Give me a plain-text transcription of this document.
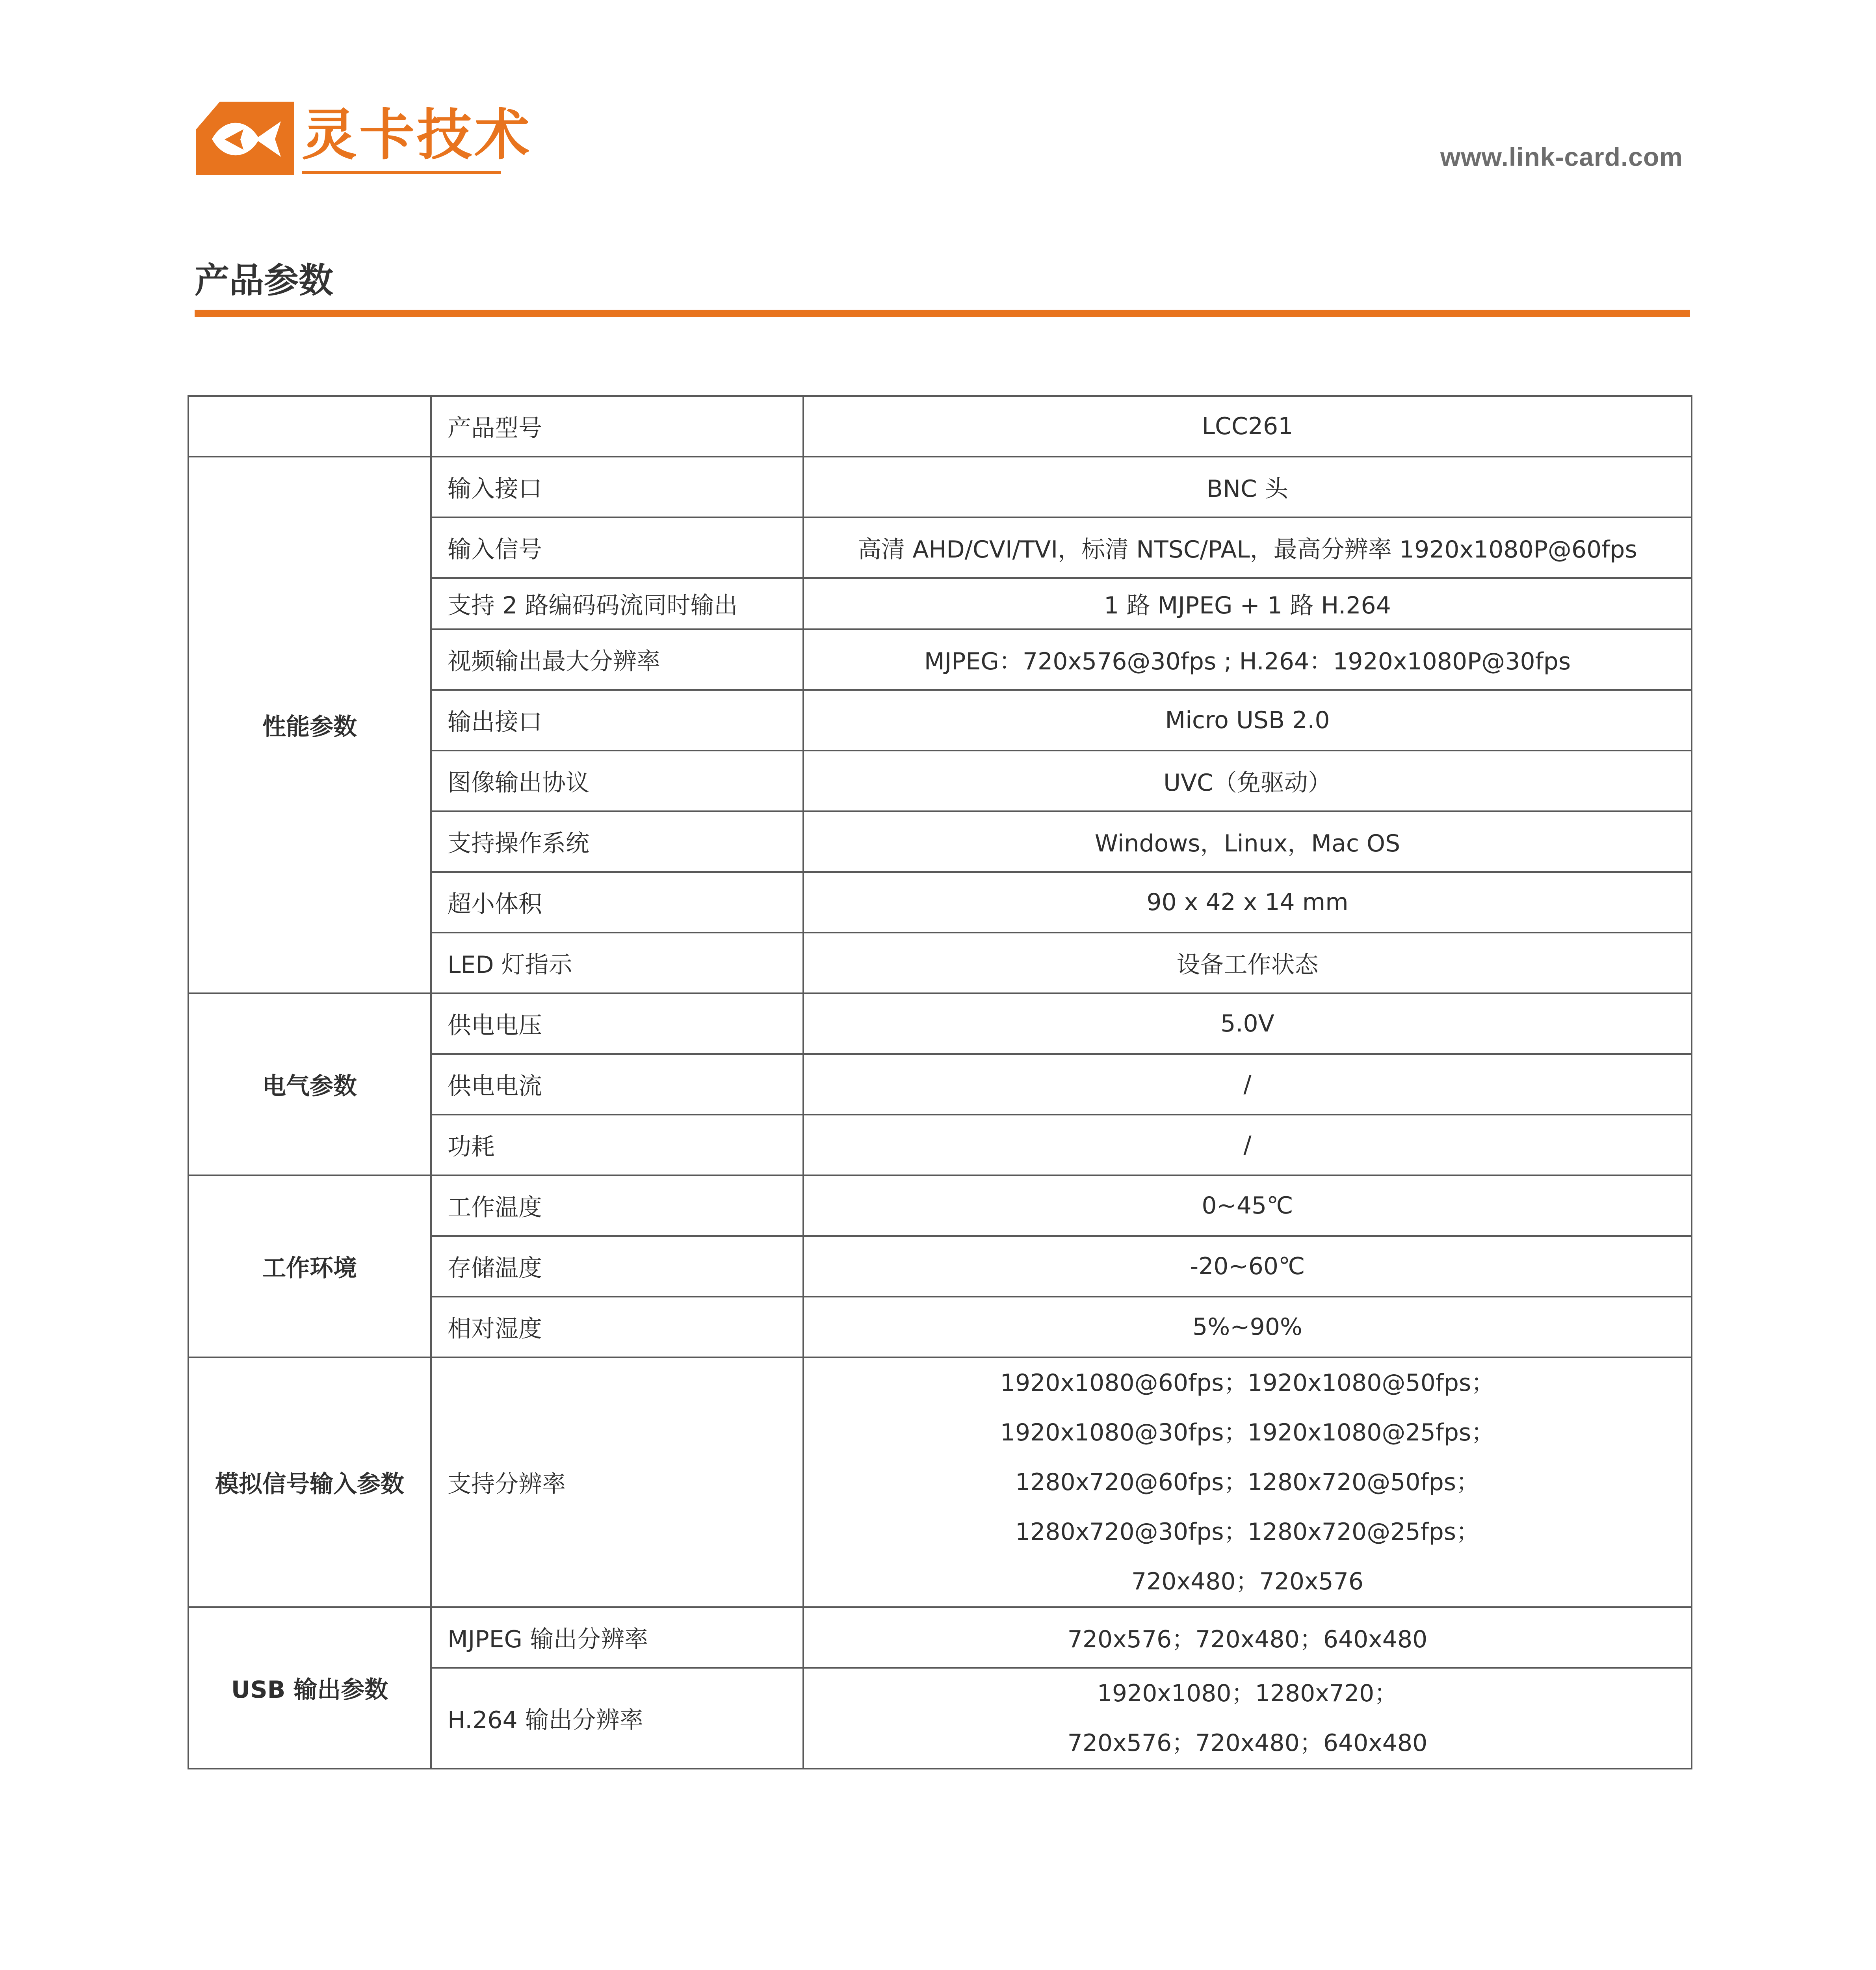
灵卡技术	www.link-card.com
产品参数
	产品型号	LCC261
性能参数	输入接口	BNC 头
	输入信号	高清 AHD/CVI/TVI，标清 NTSC/PAL，最高分辨率 1920x1080P@60fps
	支持 2 路编码码流同时输出	1 路 MJPEG + 1 路 H.264
	视频输出最大分辨率	MJPEG：720x576@30fps ; H.264：1920x1080P@30fps
	输出接口	Micro USB 2.0
	图像输出协议	UVC（免驱动）
	支持操作系统	Windows，Linux，Mac OS
	超小体积	90 x 42 x 14 mm
	LED 灯指示	设备工作状态
电气参数	供电电压	5.0V
	供电电流	/
	功耗	/
工作环境	工作温度	0~45℃
	存储温度	-20~60℃
	相对湿度	5%~90%
模拟信号输入参数	支持分辨率	1920x1080@60fps；1920x1080@50fps；
1920x1080@30fps；1920x1080@25fps；
1280x720@60fps；1280x720@50fps；
1280x720@30fps；1280x720@25fps；
720x480；720x576

USB 输出参数	MJPEG 输出分辨率	720x576；720x480；640x480
	H.264 输出分辨率	1920x1080；1280x720；
720x576；720x480；640x480
